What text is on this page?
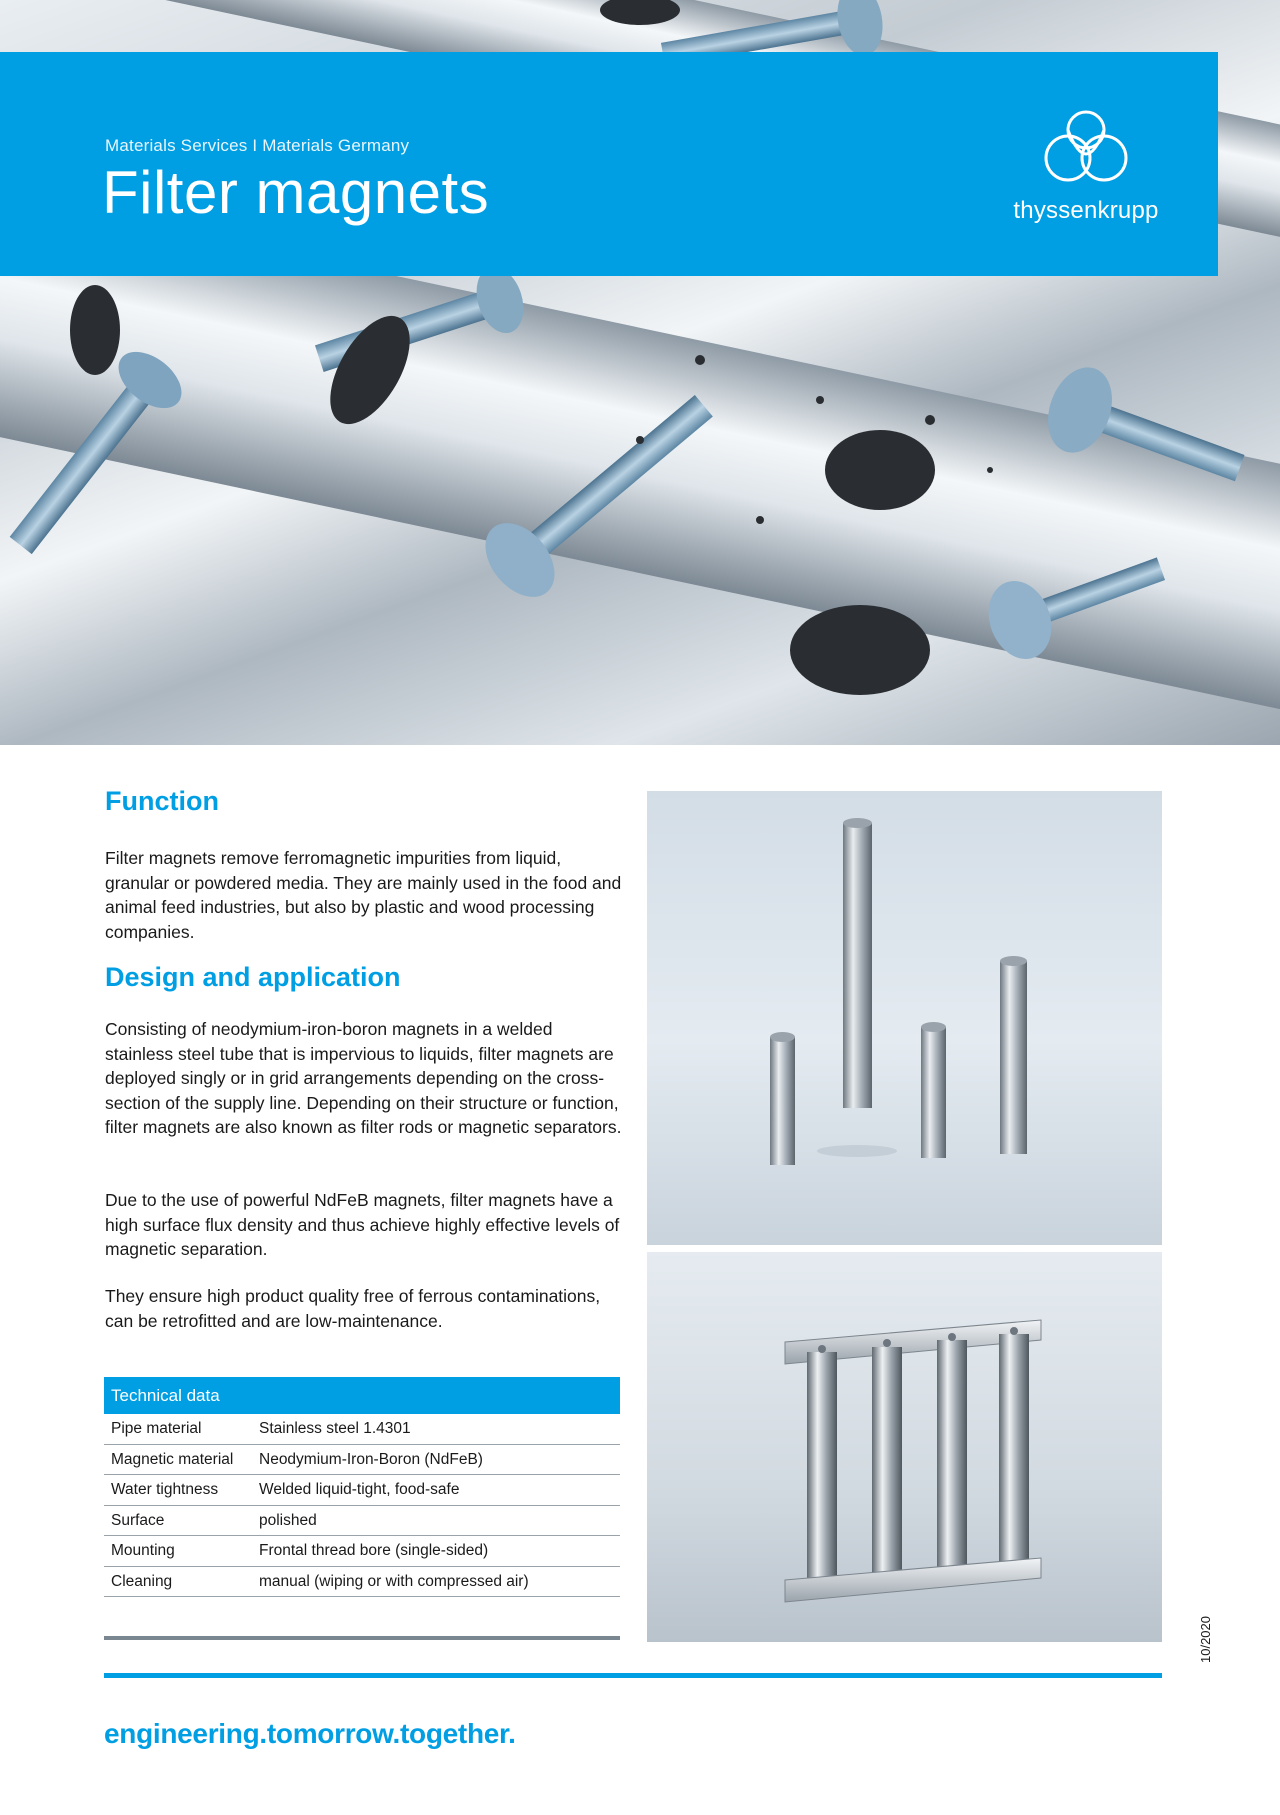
Materials Services I Materials Germany
Filter magnets	thyssenkrupp
Function
Filter magnets remove ferromagnetic impurities from liquid, granular or powdered media. They are mainly used in the food and animal feed industries, but also by plastic and wood processing companies.
Design and application
Consisting of neodymium-iron-boron magnets in a welded stainless steel tube that is impervious to liquids, filter magnets are deployed singly or in grid arrangements depending on the cross-section of the supply line. Depending on their structure or function, filter magnets are also known as filter rods or magnetic separators.
Due to the use of powerful NdFeB magnets, filter magnets have a high surface flux density and thus achieve highly effective levels of magnetic separation.
They ensure high product quality free of ferrous contaminations, can be retrofitted and are low-maintenance.
Technical data
Pipe material	Stainless steel 1.4301
Magnetic material	Neodymium-Iron-Boron (NdFeB)
Water tightness	Welded liquid-tight, food-safe
Surface	polished
Mounting	Frontal thread bore (single-sided)
Cleaning	manual (wiping or with compressed air)
10/2020
engineering.tomorrow.together.
